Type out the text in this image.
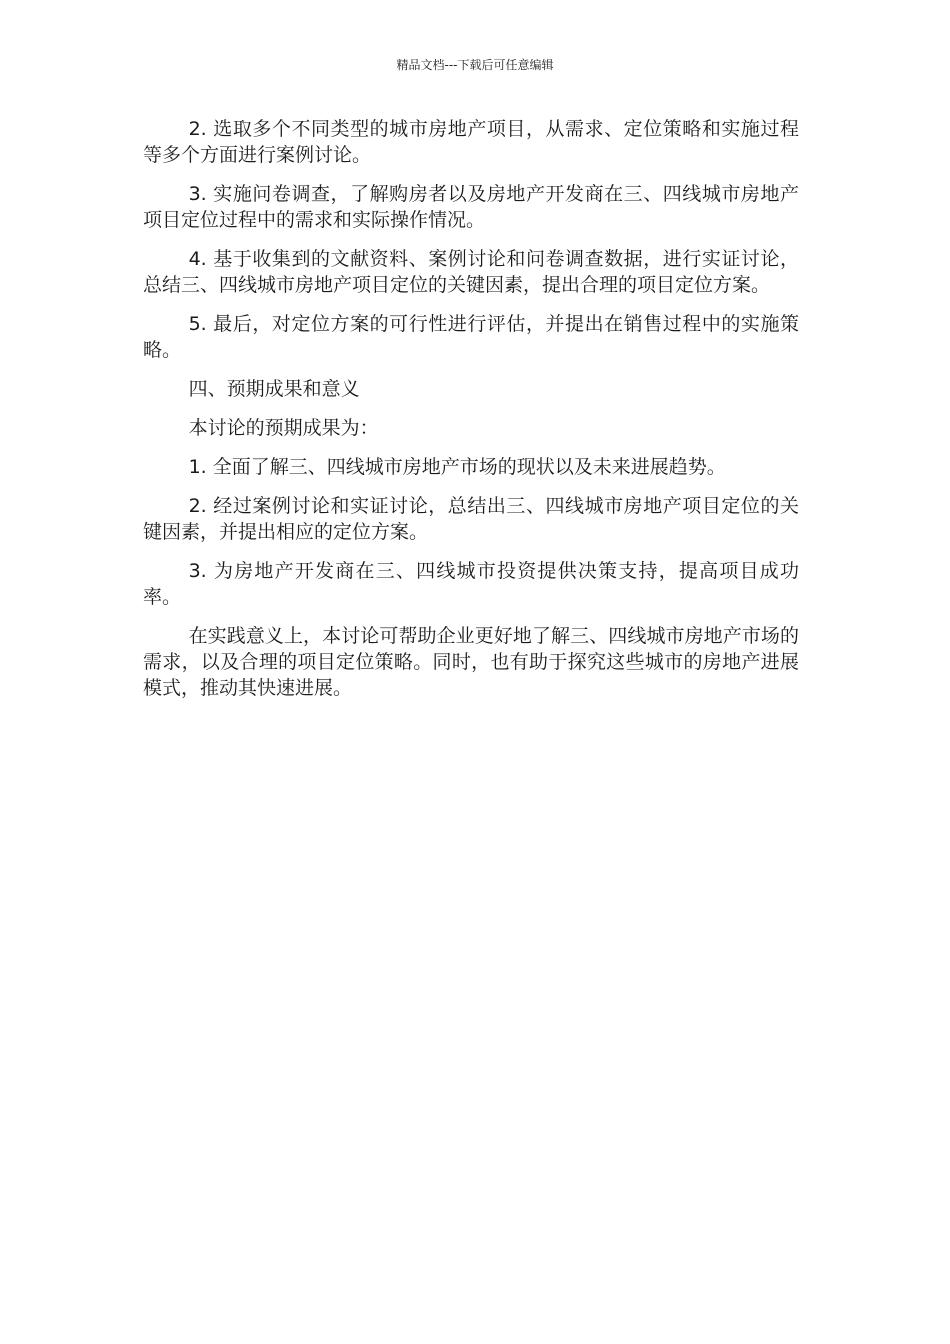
精品文档---下载后可任意编辑

2. 选取多个不同类型的城市房地产项目，从需求、定位策略和实施过程等多个方面进行案例讨论。

3. 实施问卷调查，了解购房者以及房地产开发商在三、四线城市房地产项目定位过程中的需求和实际操作情况。

4. 基于收集到的文献资料、案例讨论和问卷调查数据，进行实证讨论，总结三、四线城市房地产项目定位的关键因素，提出合理的项目定位方案。

5. 最后，对定位方案的可行性进行评估，并提出在销售过程中的实施策略。

四、预期成果和意义

本讨论的预期成果为：

1. 全面了解三、四线城市房地产市场的现状以及未来进展趋势。

2. 经过案例讨论和实证讨论，总结出三、四线城市房地产项目定位的关键因素，并提出相应的定位方案。

3. 为房地产开发商在三、四线城市投资提供决策支持，提高项目成功率。

在实践意义上，本讨论可帮助企业更好地了解三、四线城市房地产市场的需求，以及合理的项目定位策略。同时，也有助于探究这些城市的房地产进展模式，推动其快速进展。
